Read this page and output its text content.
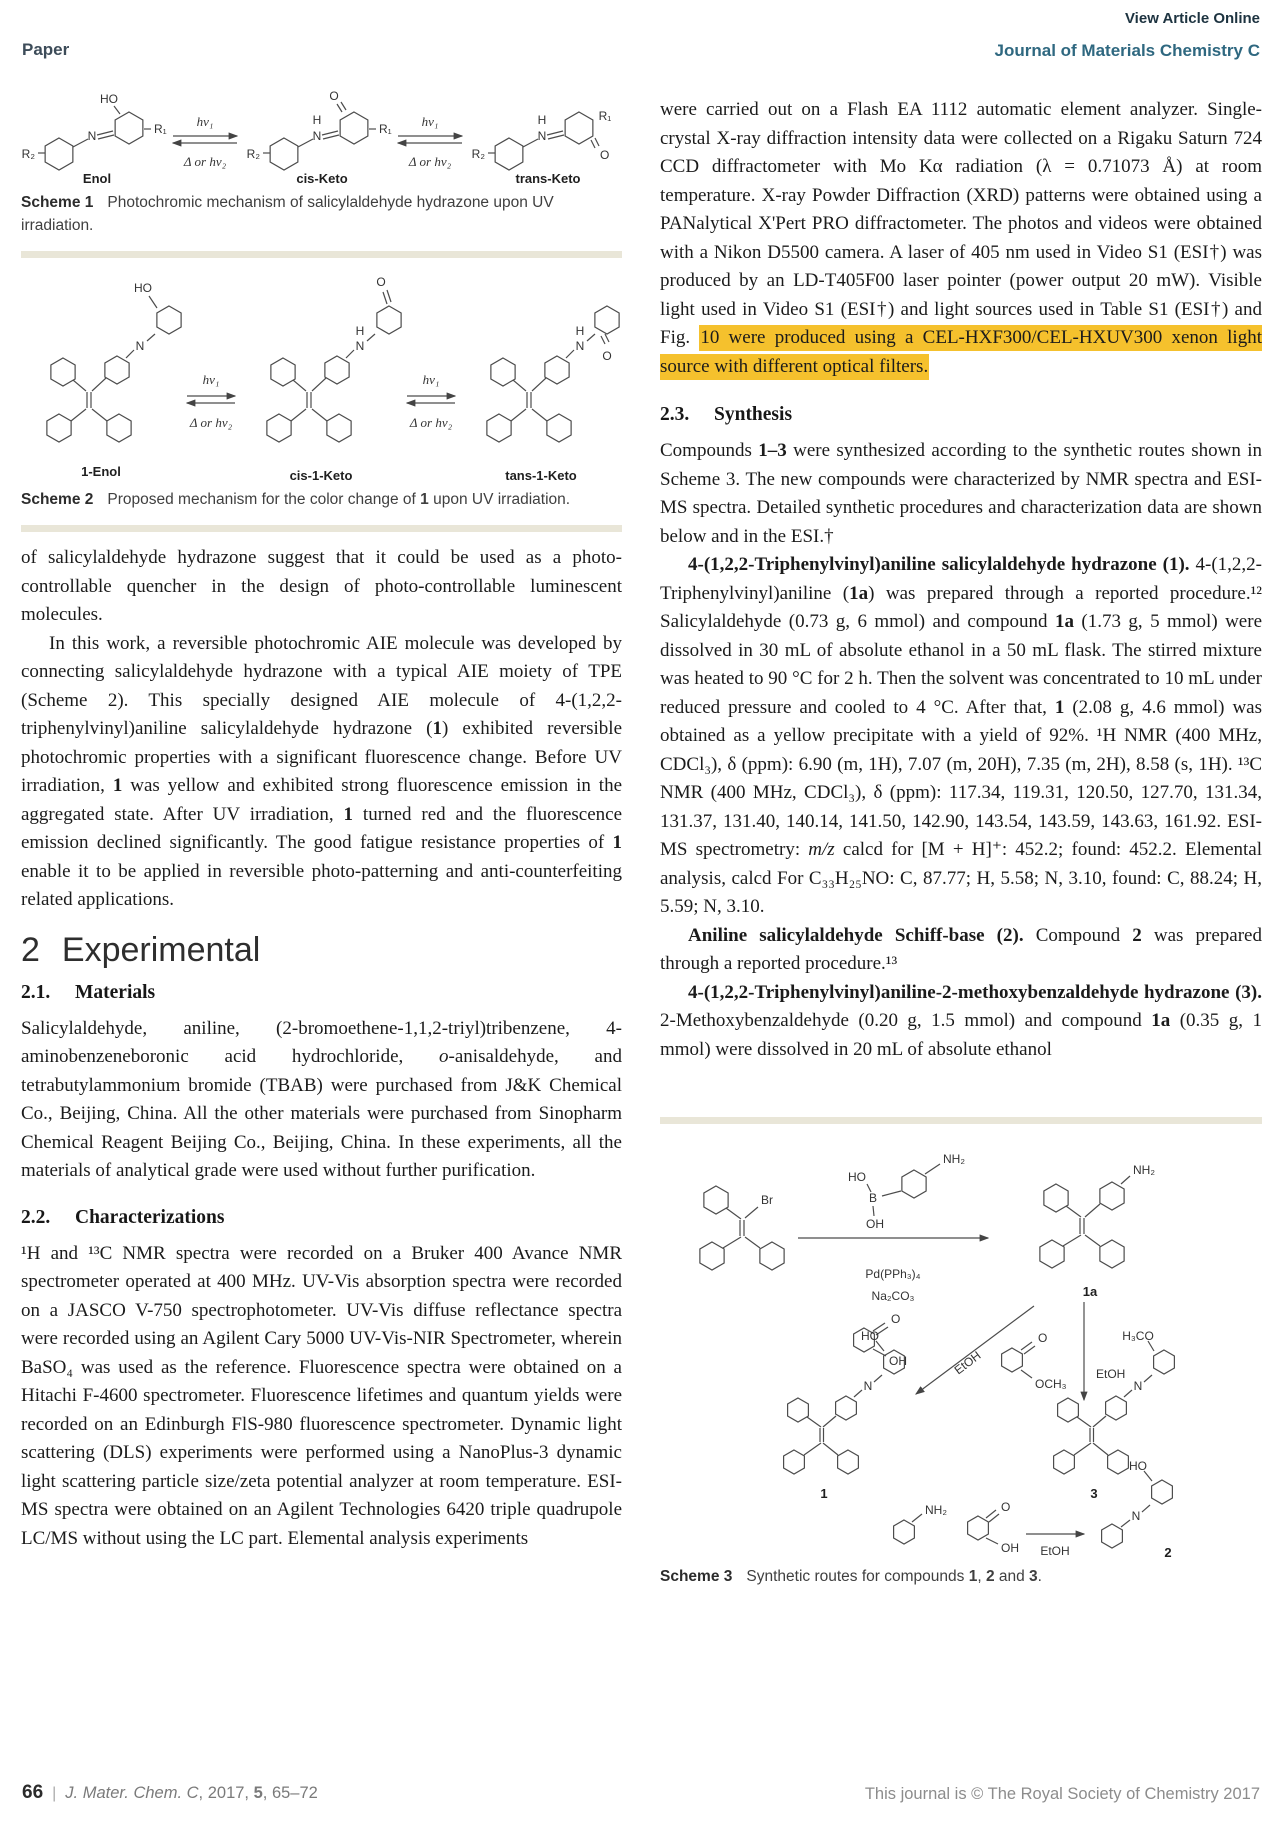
View Article Online
Paper	Journal of Materials Chemistry C
R₂
N
HO
R₁
Enol
hν₁
Δ or hν₂ R₂
H
N
O
R₁
cis-Keto
hν₁
Δ or hν₂ R₂
H
N
R₁
O
trans-Keto
Scheme 1 Photochromic mechanism of salicylaldehyde hydrazone upon UV irradiation.
N
HO
1-Enol
hν₁
Δ or hν₂
H
N
O
cis-1-Keto
hν₁
Δ or hν₂
H
N
O
tans-1-Keto
Scheme 2 Proposed mechanism for the color change of 1 upon UV irradiation.

of salicylaldehyde hydrazone suggest that it could be used as a photo-controllable quencher in the design of photo-controllable luminescent molecules.

In this work, a reversible photochromic AIE molecule was developed by connecting salicylaldehyde hydrazone with a typical AIE moiety of TPE (Scheme 2). This specially designed AIE molecule of 4-(1,2,2-triphenylvinyl)aniline salicylaldehyde hydrazone (1) exhibited reversible photochromic properties with a significant fluorescence change. Before UV irradiation, 1 was yellow and exhibited strong fluorescence emission in the aggregated state. After UV irradiation, 1 turned red and the fluorescence emission declined significantly. The good fatigue resistance properties of 1 enable it to be applied in reversible photo-patterning and anti-counterfeiting related applications.

2 Experimental
2.1. Materials

Salicylaldehyde, aniline, (2-bromoethene-1,1,2-triyl)tribenzene, 4-aminobenzeneboronic acid hydrochloride, o-anisaldehyde, and tetrabutylammonium bromide (TBAB) were purchased from J&K Chemical Co., Beijing, China. All the other materials were purchased from Sinopharm Chemical Reagent Beijing Co., Beijing, China. In these experiments, all the materials of analytical grade were used without further purification.

2.2. Characterizations

¹H and ¹³C NMR spectra were recorded on a Bruker 400 Avance NMR spectrometer operated at 400 MHz. UV-Vis absorption spectra were recorded on a JASCO V-750 spectrophotometer. UV-Vis diffuse reflectance spectra were recorded using an Agilent Cary 5000 UV-Vis-NIR Spectrometer, wherein BaSO₄ was used as the reference. Fluorescence spectra were obtained on a Hitachi F-4600 spectrometer. Fluorescence lifetimes and quantum yields were recorded on an Edinburgh FlS-980 fluorescence spectrometer. Dynamic light scattering (DLS) experiments were performed using a NanoPlus-3 dynamic light scattering particle size/zeta potential analyzer at room temperature. ESI-MS spectra were obtained on an Agilent Technologies 6420 triple quadrupole LC/MS without using the LC part. Elemental analysis experiments

were carried out on a Flash EA 1112 automatic element analyzer. Single-crystal X-ray diffraction intensity data were collected on a Rigaku Saturn 724 CCD diffractometer with Mo Kα radiation (λ = 0.71073 Å) at room temperature. X-ray Powder Diffraction (XRD) patterns were obtained using a PANalytical X'Pert PRO diffractometer. The photos and videos were obtained with a Nikon D5500 camera. A laser of 405 nm used in Video S1 (ESI†) was produced by an LD-T405F00 laser pointer (power output 20 mW). Visible light used in Video S1 (ESI†) and light sources used in Table S1 (ESI†) and Fig. 10 were produced using a CEL-HXF300/CEL-HXUV300 xenon light source with different optical filters.

2.3. Synthesis

Compounds 1–3 were synthesized according to the synthetic routes shown in Scheme 3. The new compounds were characterized by NMR spectra and ESI-MS spectra. Detailed synthetic procedures and characterization data are shown below and in the ESI.†

4-(1,2,2-Triphenylvinyl)aniline salicylaldehyde hydrazone (1). 4-(1,2,2-Triphenylvinyl)aniline (1a) was prepared through a reported procedure.¹² Salicylaldehyde (0.73 g, 6 mmol) and compound 1a (1.73 g, 5 mmol) were dissolved in 30 mL of absolute ethanol in a 50 mL flask. The stirred mixture was heated to 90 °C for 2 h. Then the solvent was concentrated to 10 mL under reduced pressure and cooled to 4 °C. After that, 1 (2.08 g, 4.6 mmol) was obtained as a yellow precipitate with a yield of 92%. ¹H NMR (400 MHz, CDCl₃), δ (ppm): 6.90 (m, 1H), 7.07 (m, 20H), 7.35 (m, 2H), 8.58 (s, 1H). ¹³C NMR (400 MHz, CDCl₃), δ (ppm): 117.34, 119.31, 120.50, 127.70, 131.34, 131.37, 131.40, 140.14, 141.50, 142.90, 143.54, 143.59, 143.63, 161.92. ESI-MS spectrometry: m/z calcd for [M + H]⁺: 452.2; found: 452.2. Elemental analysis, calcd For C₃₃H₂₅NO: C, 87.77; H, 5.58; N, 3.10, found: C, 88.24; H, 5.59; N, 3.10.

Aniline salicylaldehyde Schiff-base (2). Compound 2 was prepared through a reported procedure.¹³

4-(1,2,2-Triphenylvinyl)aniline-2-methoxybenzaldehyde hydrazone (3). 2-Methoxybenzaldehyde (0.20 g, 1.5 mmol) and compound 1a (0.35 g, 1 mmol) were dissolved in 20 mL of absolute ethanol

Br
Pd(PPh₃)₄
Na₂CO₃
NH₂
HO
B
OH
NH₂
1a
EtOH
O
OH
EtOH
O
OCH₃
N
HO
1
N
H₃CO
3
NH₂	O
OH EtOH
N
HO
2
Scheme 3 Synthetic routes for compounds 1, 2 and 3.
66 | J. Mater. Chem. C, 2017, 5, 65–72	This journal is © The Royal Society of Chemistry 2017
